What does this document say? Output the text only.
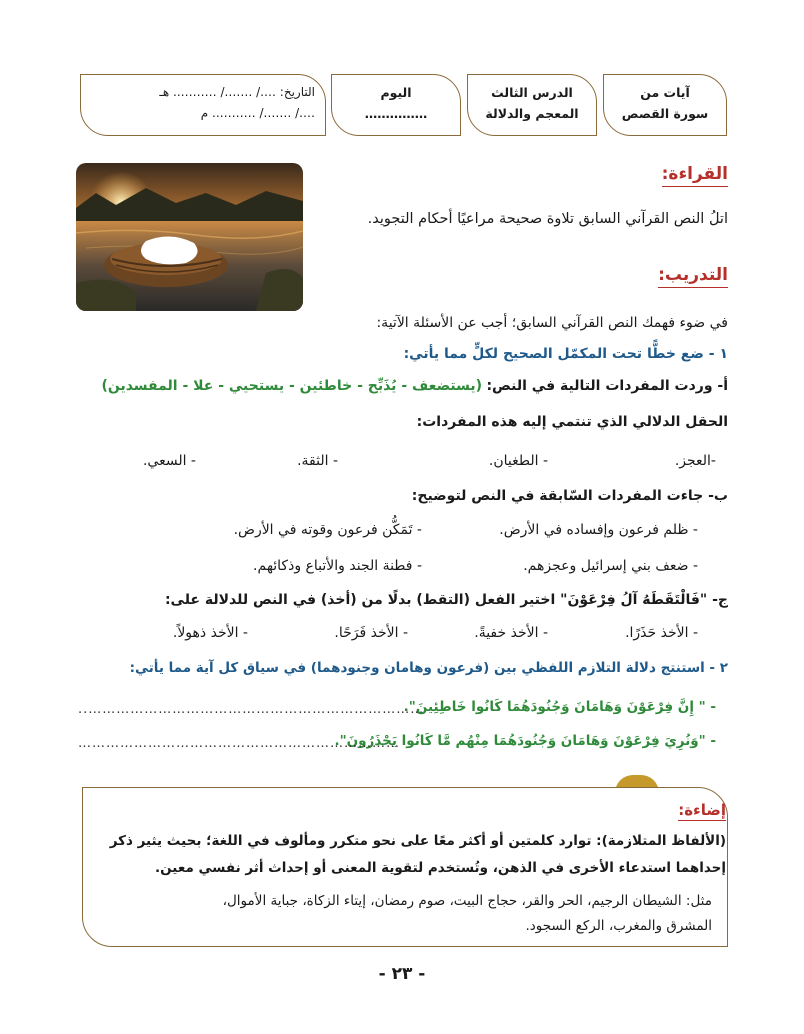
آيات من
سورة القصص
الدرس الثالث
المعجم والدلالة
اليوم
……………
التاريخ: …./ ……./ ……….. هـ
…./ ……./ ……….. م
القراءة:
اتلُ النص القرآني السابق تلاوة صحيحة مراعيًا أحكام التجويد.
التدريب:
في ضوء فهمك النص القرآني السابق؛ أجب عن الأسئلة الآتية:
١ - ضع خطًّا تحت المكمّل الصحيح لكلٍّ مما يأتي:
أ- وردت المفردات التالية في النص: (يستضعف - يُذَبِّح - خاطئين - يستحيي - علا - المفسدين)
الحقل الدلالي الذي تنتمي إليه هذه المفردات:
-العجز.
- الطغيان.
- الثقة.
- السعي.
ب- جاءت المفردات السّابقة في النص لتوضيح:
- ظلم فرعون وإفساده في الأرض.
- تَمَكُّن فرعون وقوته في الأرض.
- ضعف بني إسرائيل وعجزهم.
- فطنة الجند والأتباع وذكائهم.
ج- "فَالْتَقَطَهُ آلُ فِرْعَوْنَ" اختير الفعل (التقط) بدلًا من (أخذ) في النص للدلالة على:
- الأخذ حَذَرًا.
- الأخذ خفيةً.
- الأخذ فَرَحًا.
- الأخذ ذهولاً.
٢ - استنتج دلالة التلازم اللفظي بين (فرعون وهامان وجنودهما) في سياق كل آية مما يأتي:
- " إِنَّ فِرْعَوْنَ وَهَامَانَ وَجُنُودَهُمَا كَانُوا خَاطِئِينَ".
………………………………………………………………..
- "وَنُرِيَ فِرْعَوْنَ وَهَامَانَ وَجُنُودَهُمَا مِنْهُم مَّا كَانُوا يَحْذَرُونَ".
……………………………………………………………
إضاءة:
(الألفاظ المتلازمة): توارد كلمتين أو أكثر معًا على نحو متكرر ومألوف في اللغة؛ بحيث يثير ذكر
إحداهما استدعاء الأخرى في الذهن، وتُستخدم لتقوية المعنى أو إحداث أثر نفسي معين.
مثل: الشيطان الرجيم، الحر والقر، حجاج البيت، صوم رمضان، إيتاء الزكاة، جباية الأموال،
المشرق والمغرب، الركع السجود.
- ٢٣ -
